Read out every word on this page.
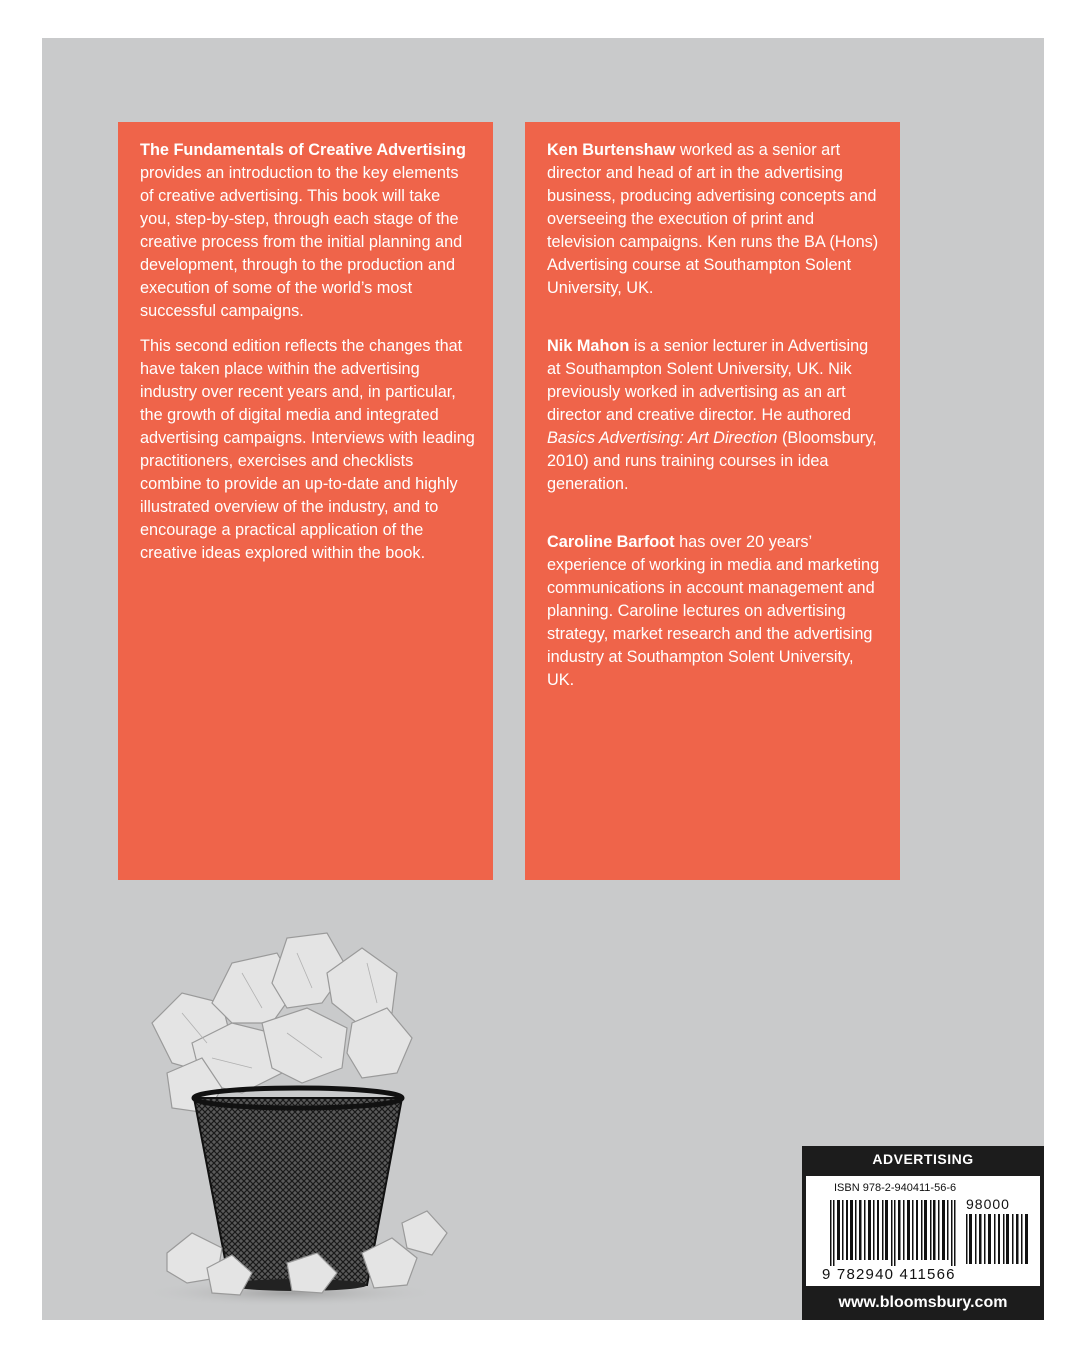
The Fundamentals of Creative Advertising provides an introduction to the key elements of creative advertising. This book will take you, step-by-step, through each stage of the creative process from the initial planning and development, through to the production and execution of some of the world’s most successful campaigns.

This second edition reflects the changes that have taken place within the advertising industry over recent years and, in particular, the growth of digital media and integrated advertising campaigns. Interviews with leading practitioners, exercises and checklists combine to provide an up-to-date and highly illustrated overview of the industry, and to encourage a practical application of the creative ideas explored within the book.

Ken Burtenshaw worked as a senior art director and head of art in the advertising business, producing advertising concepts and overseeing the execution of print and television campaigns. Ken runs the BA (Hons) Advertising course at Southampton Solent University, UK.

Nik Mahon is a senior lecturer in Advertising at Southampton Solent University, UK. Nik previously worked in advertising as an art director and creative director. He authored Basics Advertising: Art Direction (Bloomsbury, 2010) and runs training courses in idea generation.

Caroline Barfoot has over 20 years’ experience of working in media and marketing communications in account management and planning. Caroline lectures on advertising strategy, market research and the advertising industry at Southampton Solent University, UK.

ADVERTISING
ISBN 978-2-940411-56-6
98000
9 782940 411566
www.bloomsbury.com
